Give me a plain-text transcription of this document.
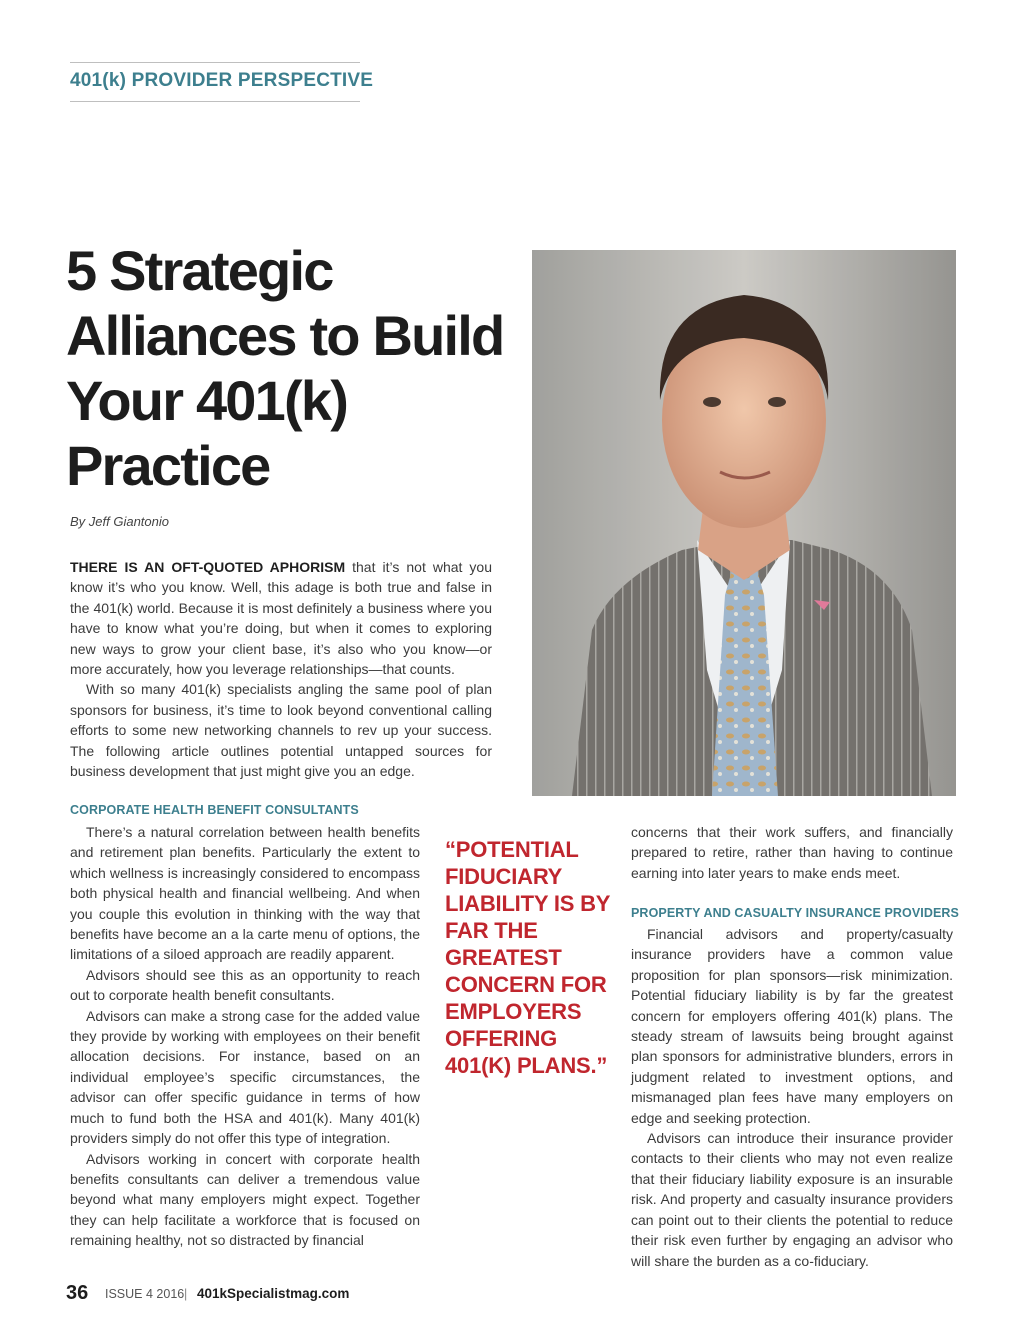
401(k) PROVIDER PERSPECTIVE
5 Strategic Alliances to Build Your 401(k) Practice
By Jeff Giantonio

THERE IS AN OFT-QUOTED APHORISM that it’s not what you know it’s who you know. Well, this adage is both true and false in the 401(k) world. Because it is most definitely a business where you have to know what you’re doing, but when it comes to exploring new ways to grow your client base, it’s also who you know—or more accurately, how you leverage relationships—that counts.

With so many 401(k) specialists angling the same pool of plan sponsors for business, it’s time to look beyond conventional calling efforts to some new networking channels to rev up your success. The following article outlines potential untapped sources for business development that just might give you an edge.

CORPORATE HEALTH BENEFIT CONSULTANTS

There’s a natural correlation between health benefits and retirement plan benefits. Particularly the extent to which wellness is increasingly considered to encompass both physical health and financial wellbeing. And when you couple this evolution in thinking with the way that benefits have become an a la carte menu of options, the limitations of a siloed approach are readily apparent.

Advisors should see this as an opportunity to reach out to corporate health benefit consultants.

Advisors can make a strong case for the added value they provide by working with employees on their benefit allocation decisions. For instance, based on an individual employee’s specific circumstances, the advisor can offer specific guidance in terms of how much to fund both the HSA and 401(k). Many 401(k) providers simply do not offer this type of integration.

Advisors working in concert with corporate health benefits consultants can deliver a tremendous value beyond what many employers might expect. Together they can help facilitate a workforce that is focused on remaining healthy, not so distracted by financial

“POTENTIAL FIDUCIARY LIABILITY IS BY FAR THE GREATEST CONCERN FOR EMPLOYERS OFFERING 401(K) PLANS.”

concerns that their work suffers, and financially prepared to retire, rather than having to continue earning into later years to make ends meet.

PROPERTY AND CASUALTY INSURANCE PROVIDERS

Financial advisors and property/casualty insurance providers have a common value proposition for plan sponsors—risk minimization. Potential fiduciary liability is by far the greatest concern for employers offering 401(k) plans. The steady stream of lawsuits being brought against plan sponsors for administrative blunders, errors in judgment related to investment options, and mismanaged plan fees have many employers on edge and seeking protection.

Advisors can introduce their insurance provider contacts to their clients who may not even realize that their fiduciary liability exposure is an insurable risk. And property and casualty insurance providers can point out to their clients the potential to reduce their risk even further by engaging an advisor who will share the burden as a co-fiduciary.

36 ISSUE 4 2016 | 401kSpecialistmag.com
